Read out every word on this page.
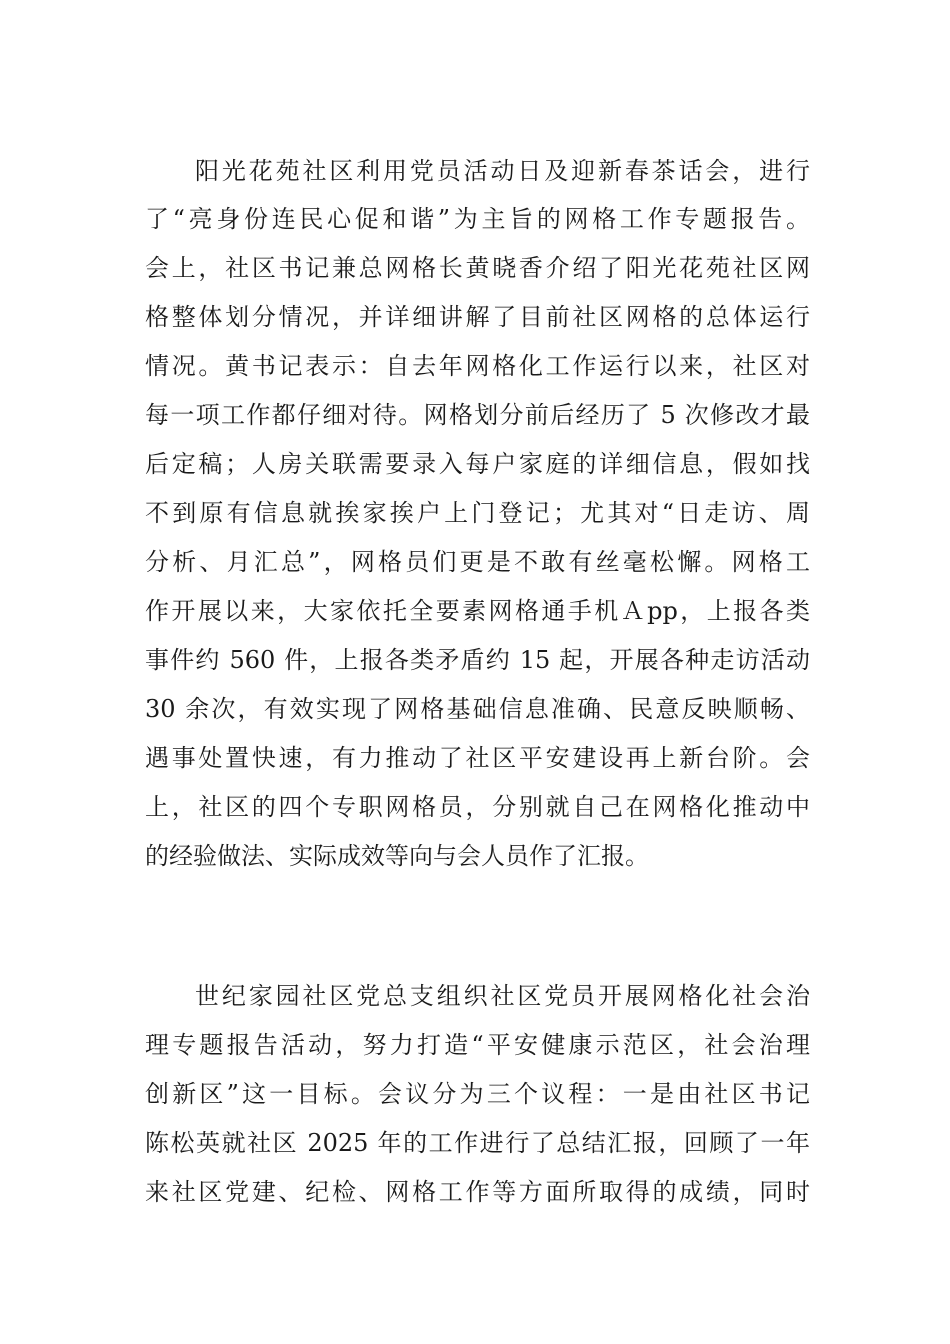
阳光花苑社区利用党员活动日及迎新春茶话会，进行
了“亮身份连民心促和谐”为主旨的网格工作专题报告。
会上，社区书记兼总网格长黄晓香介绍了阳光花苑社区网
格整体划分情况，并详细讲解了目前社区网格的总体运行
情况。黄书记表示：自去年网格化工作运行以来，社区对
每一项工作都仔细对待。网格划分前后经历了 5 次修改才最
后定稿；人房关联需要录入每户家庭的详细信息，假如找
不到原有信息就挨家挨户上门登记；尤其对“日走访、周
分析、月汇总”，网格员们更是不敢有丝毫松懈。网格工
作开展以来，大家依托全要素网格通手机Ａpp，上报各类
事件约 560 件，上报各类矛盾约 15 起，开展各种走访活动
30 余次，有效实现了网格基础信息准确、民意反映顺畅、
遇事处置快速，有力推动了社区平安建设再上新台阶。会
上，社区的四个专职网格员，分别就自己在网格化推动中
的经验做法、实际成效等向与会人员作了汇报。
世纪家园社区党总支组织社区党员开展网格化社会治
理专题报告活动，努力打造“平安健康示范区，社会治理
创新区”这一目标。会议分为三个议程：一是由社区书记
陈松英就社区 2025 年的工作进行了总结汇报，回顾了一年
来社区党建、纪检、网格工作等方面所取得的成绩，同时
